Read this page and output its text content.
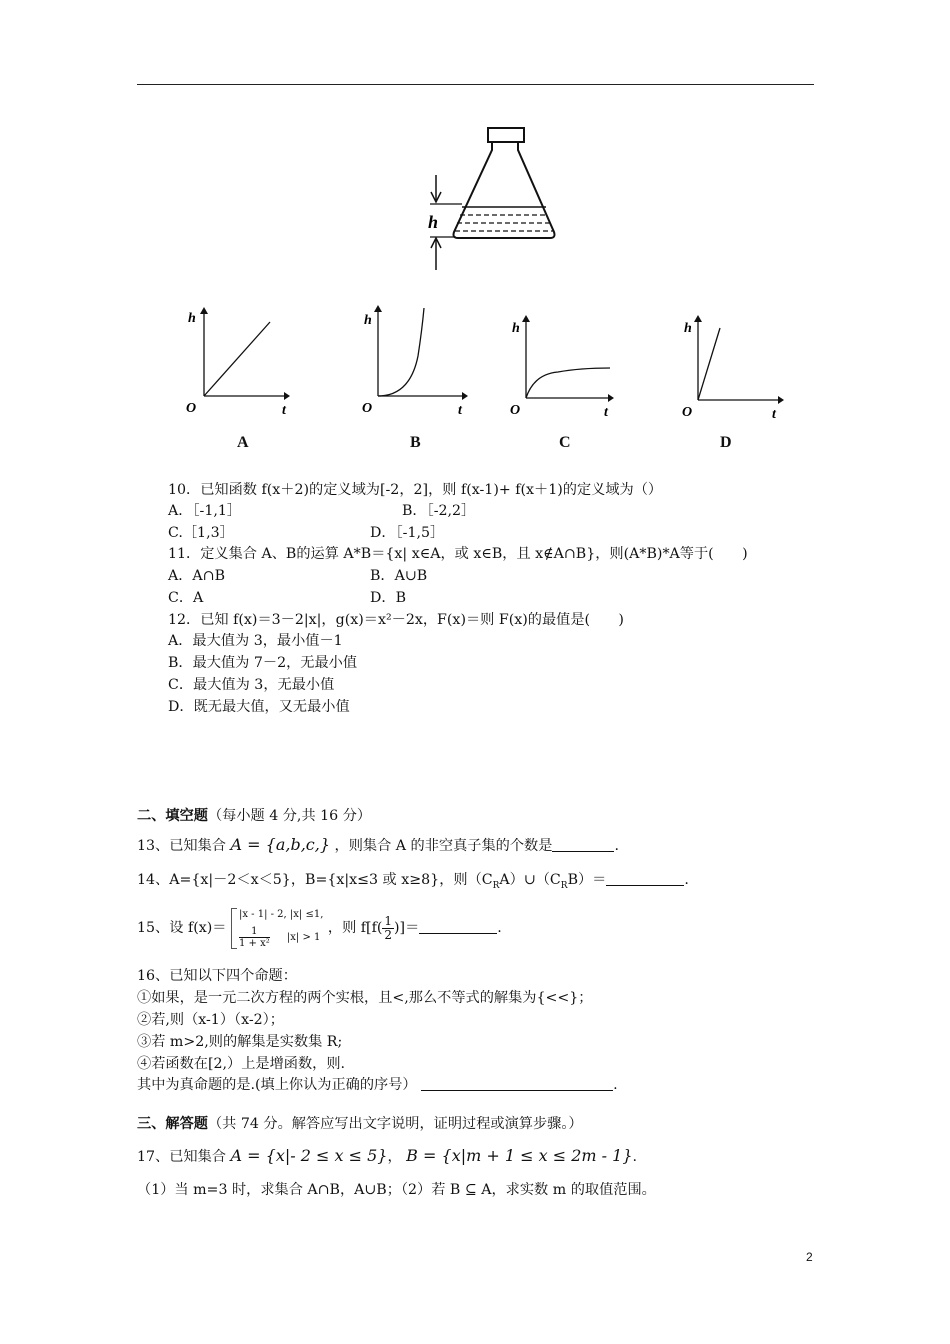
h
h
O	t
A
h
O	t
B
h
O	t
C
h
O	t
D
10．已知函数 f(x＋2)的定义域为[-2，2]，则 f(x-1)+ f(x＋1)的定义域为（）
A．［-1,1］	B．［-2,2］
C.［1,3］	D．［-1,5］
11．定义集合 A、B的运算 A*B＝{x| x∈A，或 x∈B，且 x∉A∩B}，则(A*B)*A等于(　　)
A．A∩B	B．A∪B
C．A	D．B
12．已知 f(x)＝3－2|x|，g(x)＝x²－2x，F(x)＝则 F(x)的最值是(　　)
A．最大值为 3，最小值－1
B．最大值为 7－2，无最小值
C．最大值为 3，无最小值
D．既无最大值，又无最小值
二、填空题（每小题 4 分,共 16 分）
13、已知集合 A = {a,b,c,} ，则集合 A 的非空真子集的个数是	.
14、A={x|－2＜x＜5}，B={x|x≤3 或 x≥8}，则$(C_RA)\cup(C_RB)=$	.
15、设 f(x)＝
|x - 1| - 2, |x| ≤1,
$\frac{1}{\text{1 + x²}} |x| > 1$
，则 $f[f( \frac{1}{2}$ )]＝	.
16、已知以下四个命题：
①如果，是一元二次方程的两个实根，且<,那么不等式的解集为{<<}；
②若,则（x-1）（x-2）；
③若 m>2,则的解集是实数集 R;
④若函数在[2,）上是增函数，则.
其中为真命题的是.(填上你认为正确的序号）	.
三、解答题（共 74 分。解答应写出文字说明，证明过程或演算步骤。）
17、已知集合 A = {x|- 2 ≤ x ≤ 5}， B = {x|m + 1 ≤ x ≤ 2m - 1}.
（1）当 m=3 时，求集合 A∩B，A∪B；（2）若 B ⊆ A，求实数 m 的取值范围。
2
